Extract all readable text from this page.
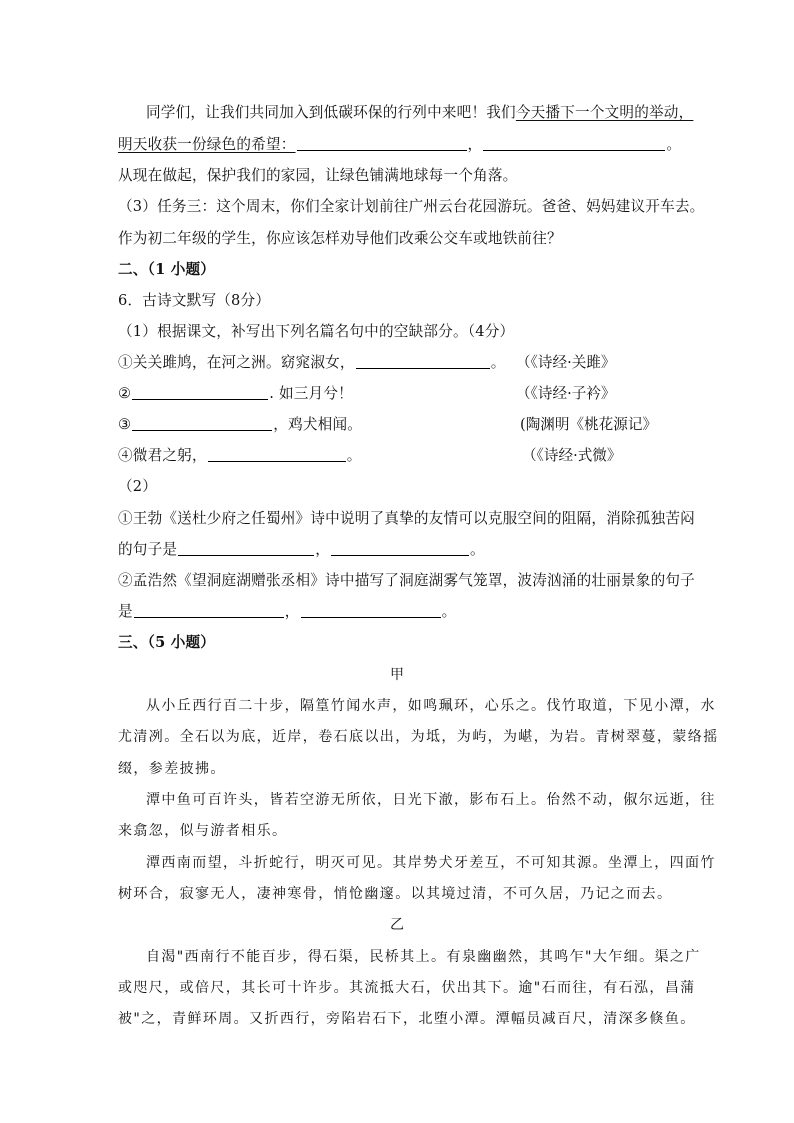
同学们，让我们共同加入到低碳环保的行列中来吧！我们今天播下一个文明的举动，
明天收获一份绿色的希望：	，	。
从现在做起，保护我们的家园，让绿色铺满地球每一个角落。
（3）任务三：这个周末，你们全家计划前往广州云台花园游玩。爸爸、妈妈建议开车去。
作为初二年级的学生，你应该怎样劝导他们改乘公交车或地铁前往？
二、（1 小题）
6．古诗文默写（8分）
（1）根据课文，补写出下列名篇名句中的空缺部分。（4分）
①关关雎鸠，在河之洲。窈窕淑女，	。 （《诗经·关雎》
②	. 如三月兮！	（《诗经·子衿》
③	，鸡犬相闻。	(陶渊明《桃花源记》
④微君之躬，	。	（《诗经·式微》
（2）
①王勃《送杜少府之任蜀州》诗中说明了真挚的友情可以克服空间的阻隔，消除孤独苦闷
的句子是	，	。
②孟浩然《望洞庭湖赠张丞相》诗中描写了洞庭湖雾气笼罩，波涛汹涌的壮丽景象的句子
是	，	。
三、（5 小题）
甲
从小丘西行百二十步，隔篁竹闻水声，如鸣珮环，心乐之。伐竹取道，下见小潭，水
尤清冽。全石以为底，近岸，卷石底以出，为坻，为屿，为嵁，为岩。青树翠蔓，蒙络摇
缀，参差披拂。
潭中鱼可百许头，皆若空游无所依，日光下澈，影布石上。佁然不动，俶尔远逝，往
来翕忽，似与游者相乐。
潭西南而望，斗折蛇行，明灭可见。其岸势犬牙差互，不可知其源。坐潭上，四面竹
树环合，寂寥无人，凄神寒骨，悄怆幽邃。以其境过清，不可久居，乃记之而去。
乙
自渴"西南行不能百步，得石渠，民桥其上。有泉幽幽然，其鸣乍"大乍细。渠之广
或咫尺，或倍尺，其长可十许步。其流抵大石，伏出其下。逾"石而往，有石泓，昌蒲
被"之，青鲜环周。又折西行，旁陷岩石下，北堕小潭。潭幅员减百尺，清深多倏鱼。
